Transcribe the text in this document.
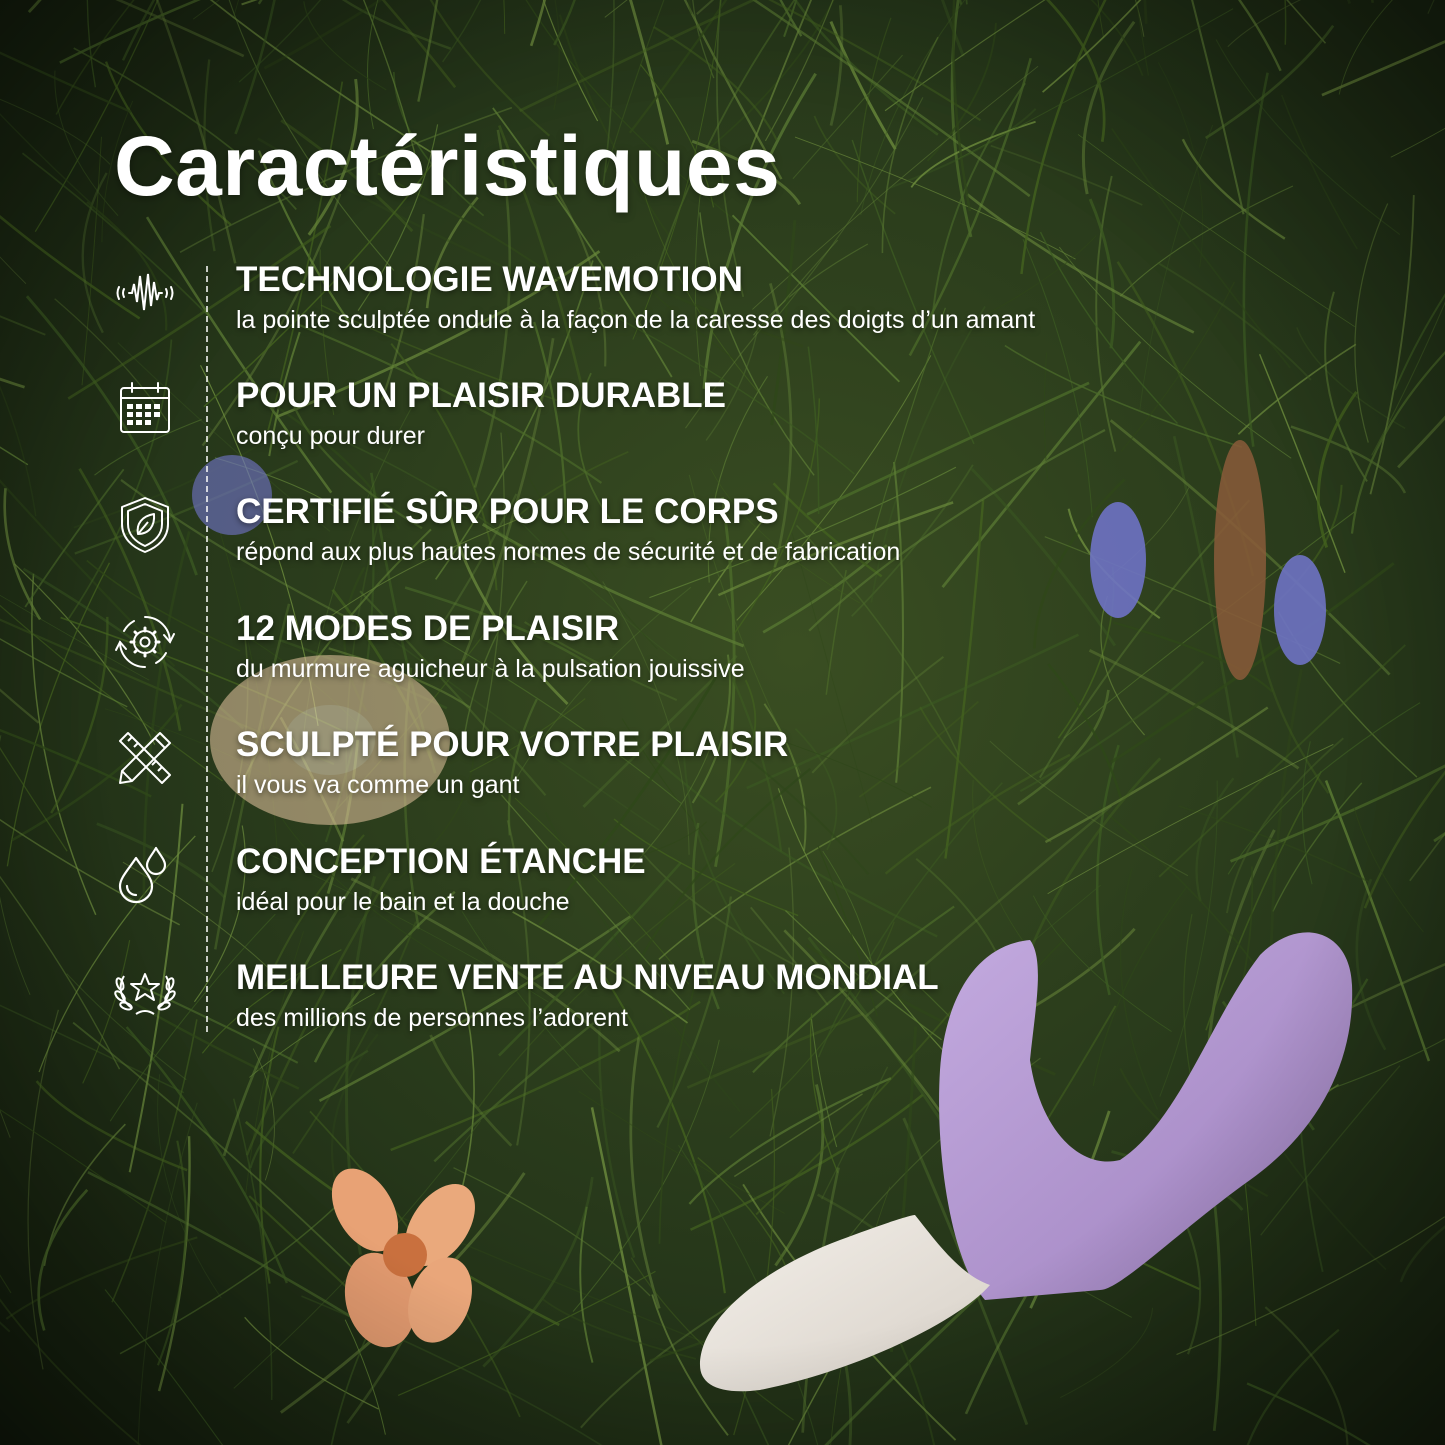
Caractéristiques

TECHNOLOGIE WAVEMOTION

la pointe sculptée ondule à la façon de la caresse des doigts d’un amant

POUR UN PLAISIR DURABLE

conçu pour durer

CERTIFIÉ SÛR POUR LE CORPS

répond aux plus hautes normes de sécurité et de fabrication

12 MODES DE PLAISIR

du murmure aguicheur à la pulsation jouissive

SCULPTÉ POUR VOTRE PLAISIR

il vous va comme un gant

CONCEPTION ÉTANCHE

idéal pour le bain et la douche

MEILLEURE VENTE AU NIVEAU MONDIAL

des millions de personnes l’adorent
